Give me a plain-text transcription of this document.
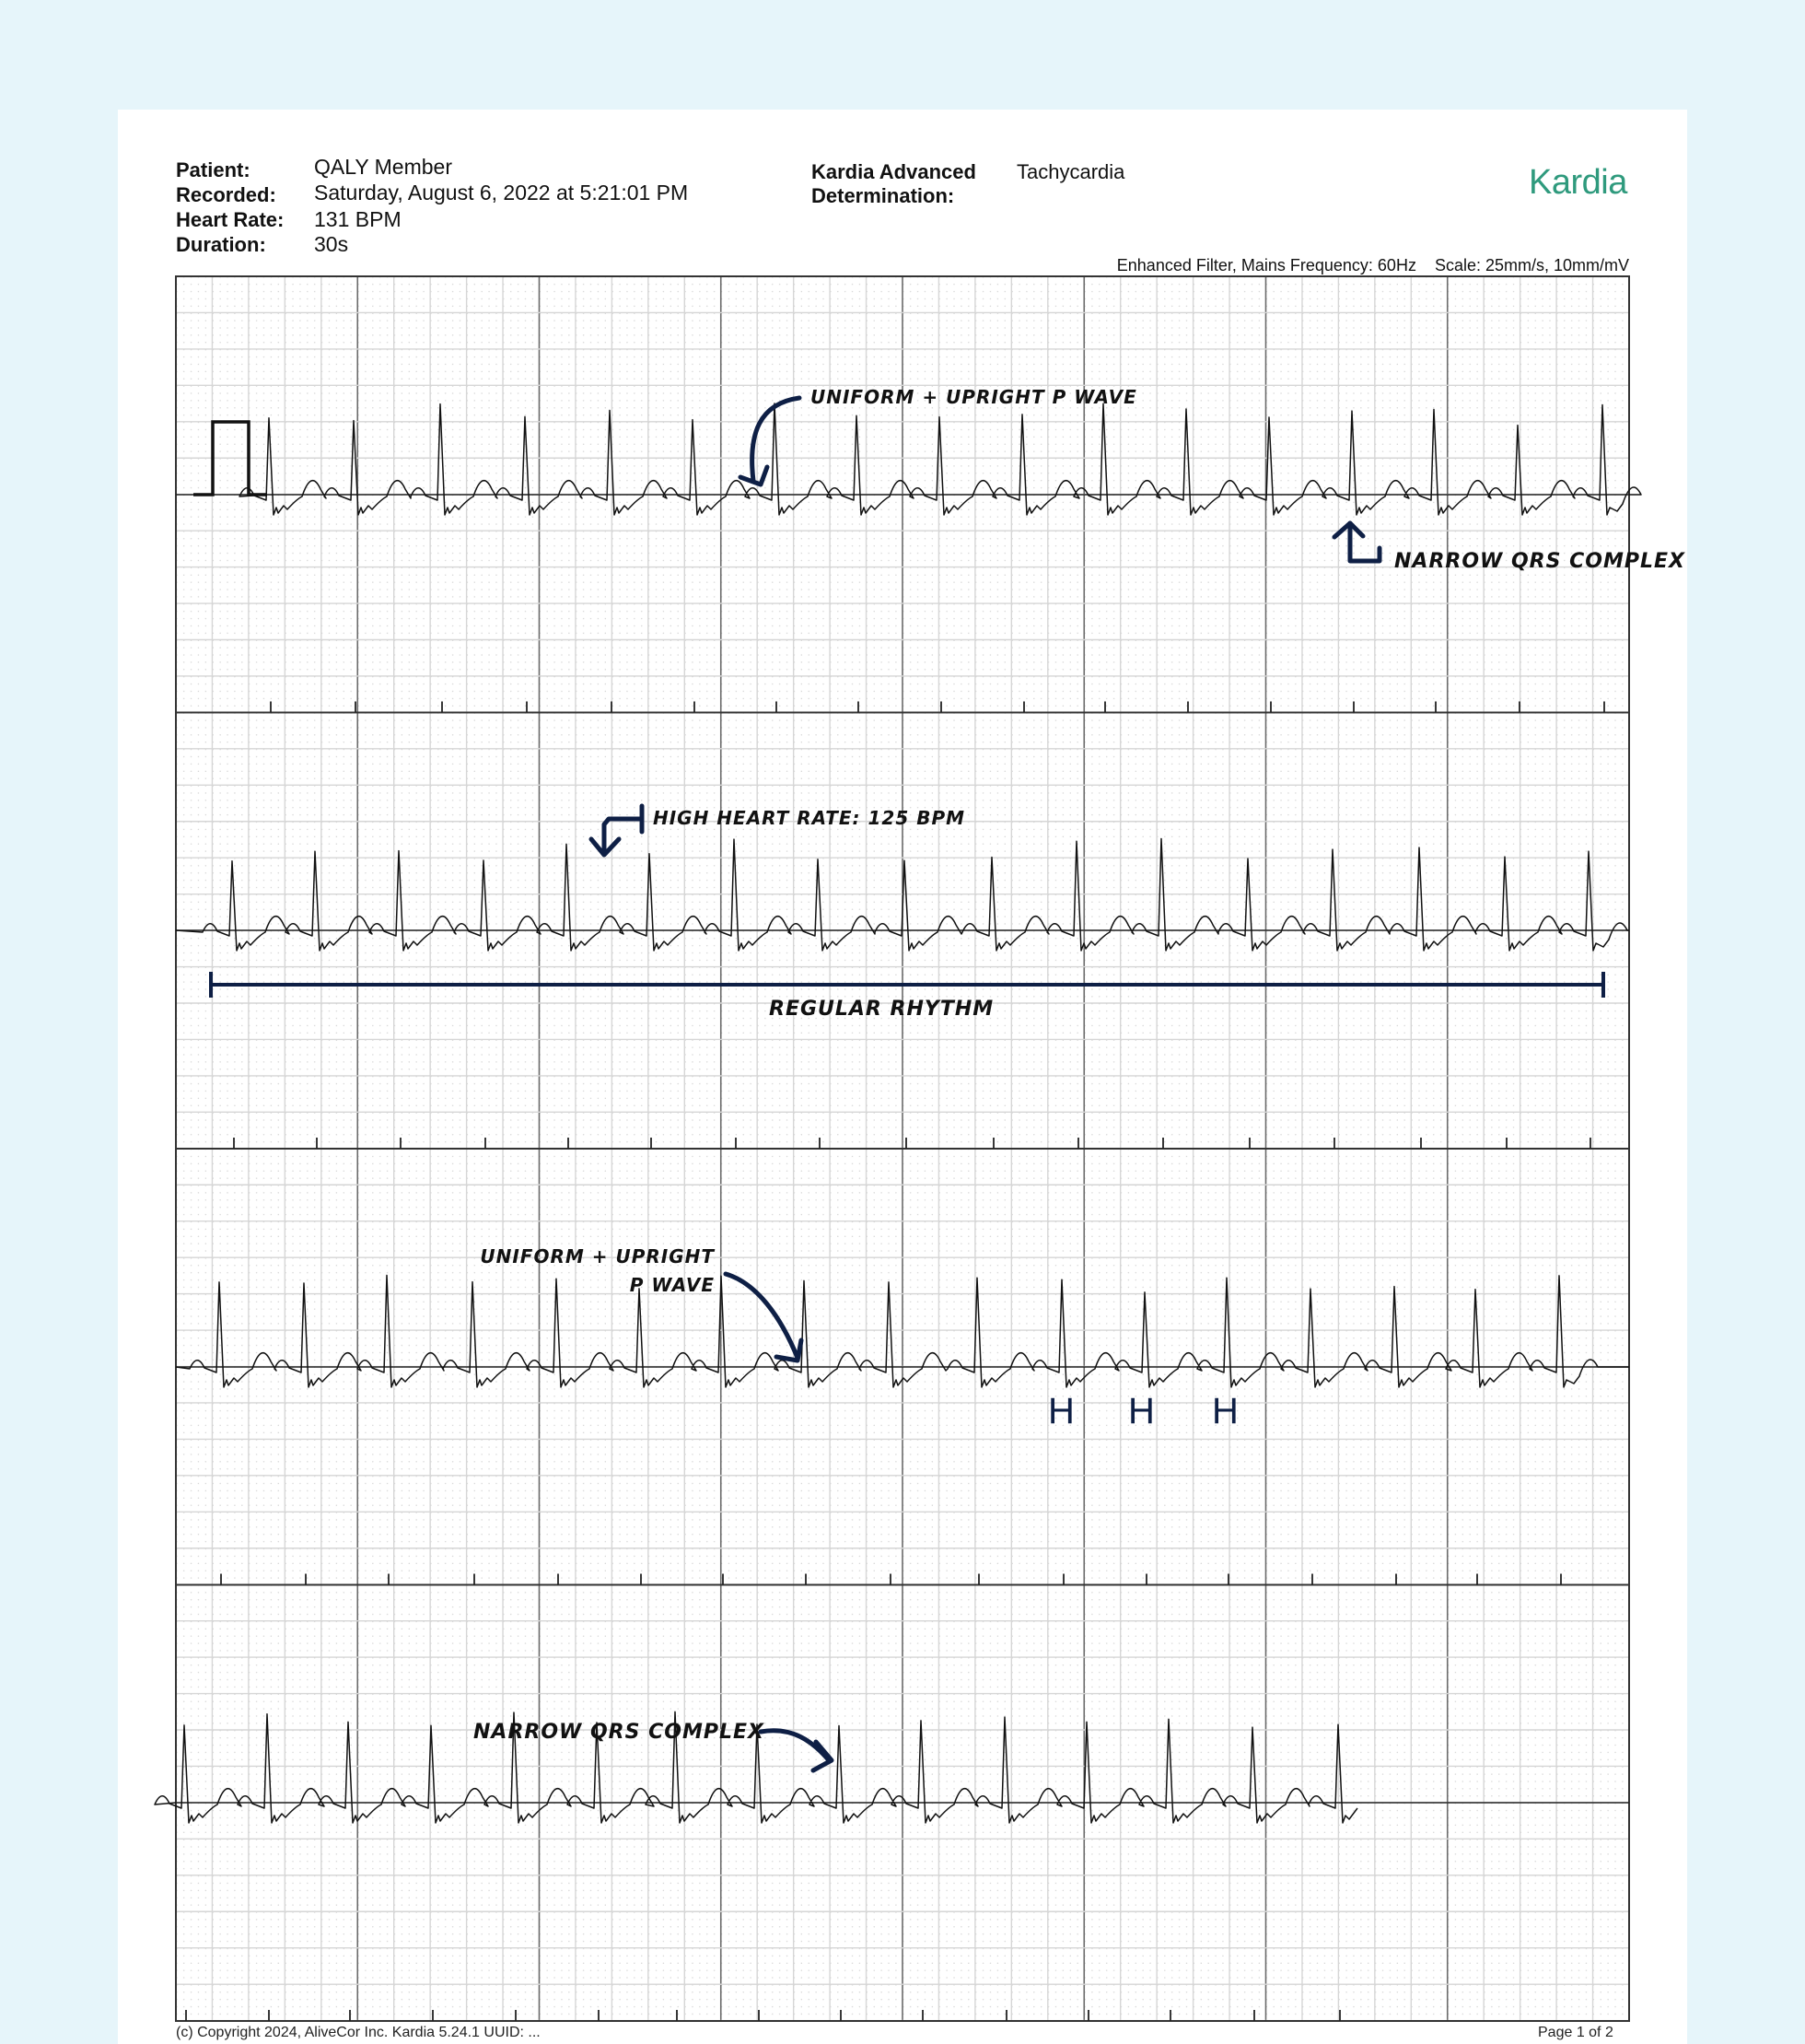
Patient:	QALY Member
Recorded: Saturday, August 6, 2022 at 5:21:01 PM
Heart Rate: 131 BPM
Duration: 30s
Kardia Advanced
Determination:
Tachycardia	Kardia
Enhanced Filter, Mains Frequency: 60Hz    Scale: 25mm/s, 10mm/mV
UNIFORM + UPRIGHT P WAVE
NARROW QRS COMPLEX
HIGH HEART RATE: 125 BPM
REGULAR RHYTHM
UNIFORM + UPRIGHT
P WAVE
H H H
NARROW QRS COMPLEX
(c) Copyright 2024, AliveCor Inc. Kardia 5.24.1 UUID: ...	Page 1 of 2
